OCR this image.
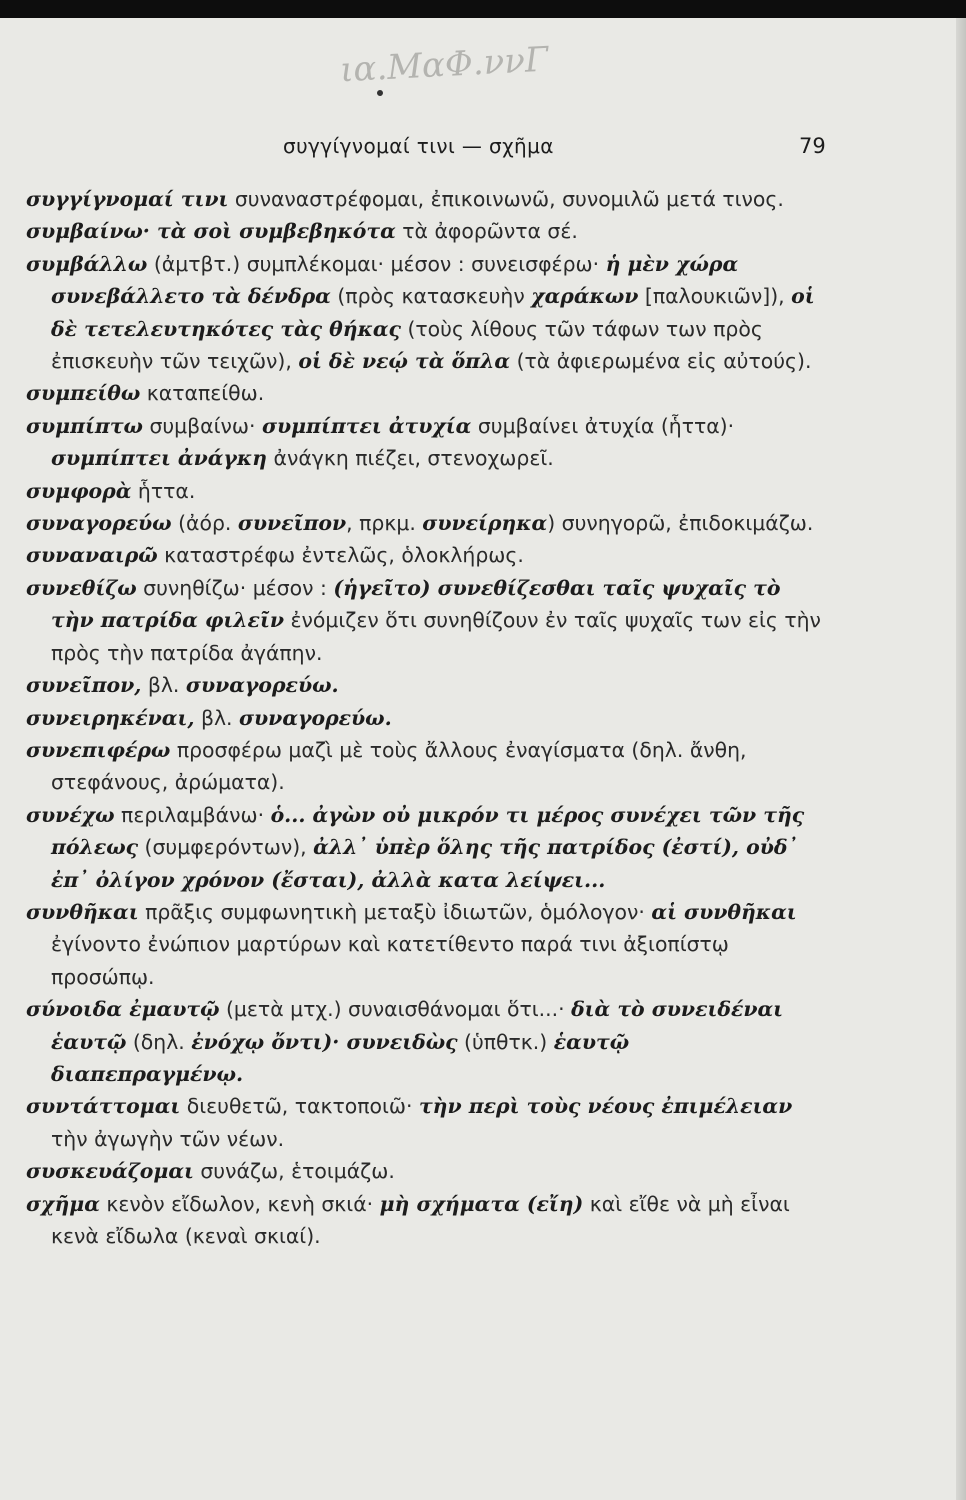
ια.ΜαΦ.ννΓ
συγγίγνομαί τινι — σχῆμα	79
συγγίγνομαί τινι συναναστρέφομαι, ἐπικοινωνῶ, συνομιλῶ μετά τινος.
συμβαίνω· τὰ σοὶ συμβεβηκότα τὰ ἀφορῶντα σέ.
συμβάλλω (ἀμτβτ.) συμπλέκομαι· μέσον : συνεισφέρω· ἡ μὲν χώρα συνεβάλλετο τὰ δένδρα (πρὸς κατασκευὴν χαράκων [παλουκιῶν]), οἱ δὲ τετελευτηκότες τὰς θήκας (τοὺς λίθους τῶν τάφων των πρὸς ἐπισκευὴν τῶν τειχῶν), οἱ δὲ νεῴ τὰ ὅπλα (τὰ ἀφιερωμένα εἰς αὐτούς).
συμπείθω καταπείθω.
συμπίπτω συμβαίνω· συμπίπτει ἀτυχία συμβαίνει ἀτυχία (ἧττα)· συμπίπτει ἀνάγκη ἀνάγκη πιέζει, στενοχωρεῖ.
συμφορὰ ἧττα.
συναγορεύω (ἀόρ. συνεῖπον, πρκμ. συνείρηκα) συνηγορῶ, ἐπιδοκιμάζω.
συναναιρῶ καταστρέφω ἐντελῶς, ὁλοκλήρως.
συνεθίζω συνηθίζω· μέσον : (ἡγεῖτο) συνεθίζεσθαι ταῖς ψυχαῖς τὸ τὴν πατρίδα φιλεῖν ἐνόμιζεν ὅτι συνηθίζουν ἐν ταῖς ψυχαῖς των εἰς τὴν πρὸς τὴν πατρίδα ἀγάπην.
συνεῖπον, βλ. συναγορεύω.
συνειρηκέναι, βλ. συναγορεύω.
συνεπιφέρω προσφέρω μαζὶ μὲ τοὺς ἄλλους ἐναγίσματα (δηλ. ἄνθη, στεφάνους, ἀρώματα).
συνέχω περιλαμβάνω· ὁ... ἀγὼν οὐ μικρόν τι μέρος συνέχει τῶν τῆς πόλεως (συμφερόντων), ἀλλ᾿ ὑπὲρ ὅλης τῆς πατρίδος (ἐστί), οὐδ᾿ ἐπ᾿ ὀλίγον χρόνον (ἔσται), ἀλλὰ κατα λείψει...
συνθῆκαι πρᾶξις συμφωνητικὴ μεταξὺ ἰδιωτῶν, ὁμόλογον· αἱ συνθῆκαι ἐγίνοντο ἐνώπιον μαρτύρων καὶ κατετίθεντο παρά τινι ἀξιοπίστῳ προσώπῳ.
σύνοιδα ἐμαυτῷ (μετὰ μτχ.) συναισθάνομαι ὅτι...· διὰ τὸ συνειδέναι ἑαυτῷ (δηλ. ἐνόχῳ ὄντι)· συνειδὼς (ὑπθτκ.) ἑαυτῷ διαπεπραγμένῳ.
συντάττομαι διευθετῶ, τακτοποιῶ· τὴν περὶ τοὺς νέους ἐπιμέλειαν τὴν ἀγωγὴν τῶν νέων.
συσκευάζομαι συνάζω, ἑτοιμάζω.
σχῆμα κενὸν εἴδωλον, κενὴ σκιά· μὴ σχήματα (εἴη) καὶ εἴθε νὰ μὴ εἶναι κενὰ εἴδωλα (κεναὶ σκιαί).
